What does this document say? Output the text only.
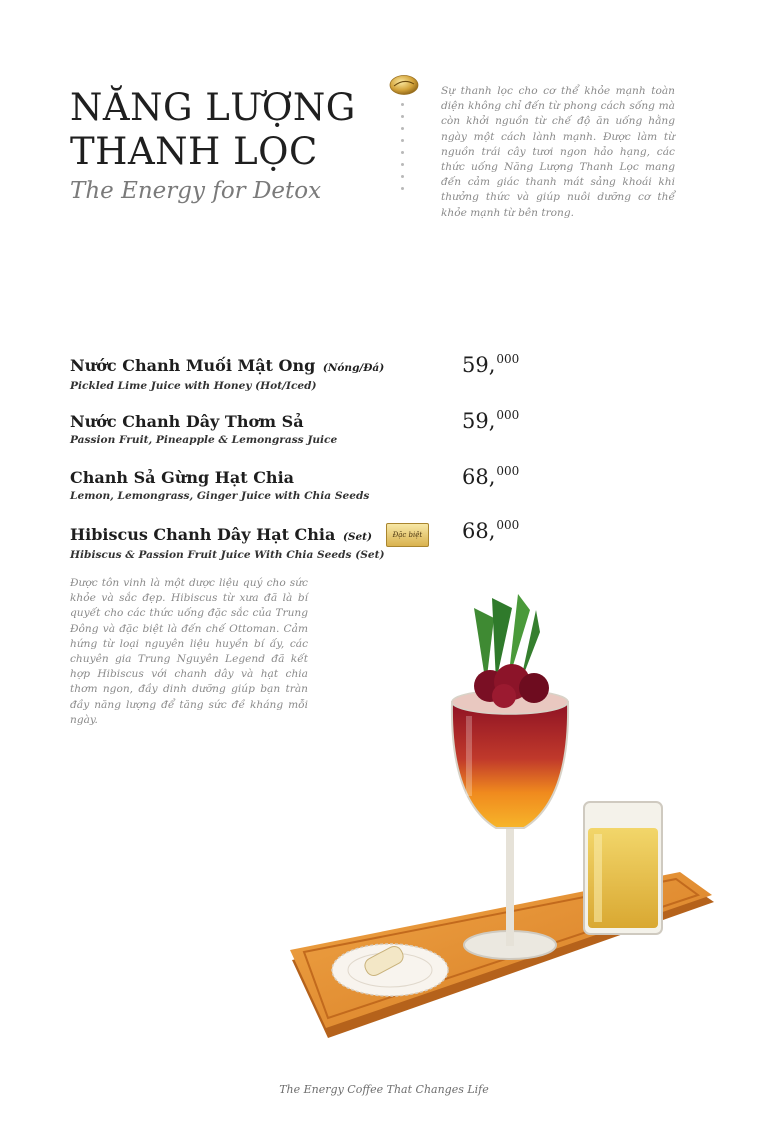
NĂNG LƯỢNG
THANH LỌC
The Energy for Detox

Sự thanh lọc cho cơ thể khỏe mạnh toàn diện không chỉ đến từ phong cách sống mà còn khởi nguồn từ chế độ ăn uống hằng ngày một cách lành mạnh. Được làm từ nguồn trái cây tươi ngon hảo hạng, các thức uống Năng Lượng Thanh Lọc mang đến cảm giác thanh mát sảng khoái khi thưởng thức và giúp nuôi dưỡng cơ thể khỏe mạnh từ bên trong.

Nước Chanh Muối Mật Ong (Nóng/Đá)
Pickled Lime Juice with Honey (Hot/Iced)
59,$^{000}$
Nước Chanh Dây Thơm Sả
Passion Fruit, Pineapple & Lemongrass Juice
59,$^{000}$
Chanh Sả Gừng Hạt Chia
Lemon, Lemongrass, Ginger Juice with Chia Seeds
68,$^{000}$
Hibiscus Chanh Dây Hạt Chia (Set)	Đặc biệt
Hibiscus & Passion Fruit Juice With Chia Seeds (Set)
68,$^{000}$

Được tôn vinh là một dược liệu quý cho sức khỏe và sắc đẹp. Hibiscus từ xưa đã là bí quyết cho các thức uống đặc sắc của Trung Đông và đặc biệt là đến chế Ottoman. Cảm hứng từ loại nguyên liệu huyền bí ấy, các chuyên gia Trung Nguyên Legend đã kết hợp Hibiscus với chanh dây và hạt chia thơm ngon, đầy dinh dưỡng giúp bạn tràn đầy năng lượng để tăng sức đề kháng mỗi ngày.

The Energy Coffee That Changes Life
